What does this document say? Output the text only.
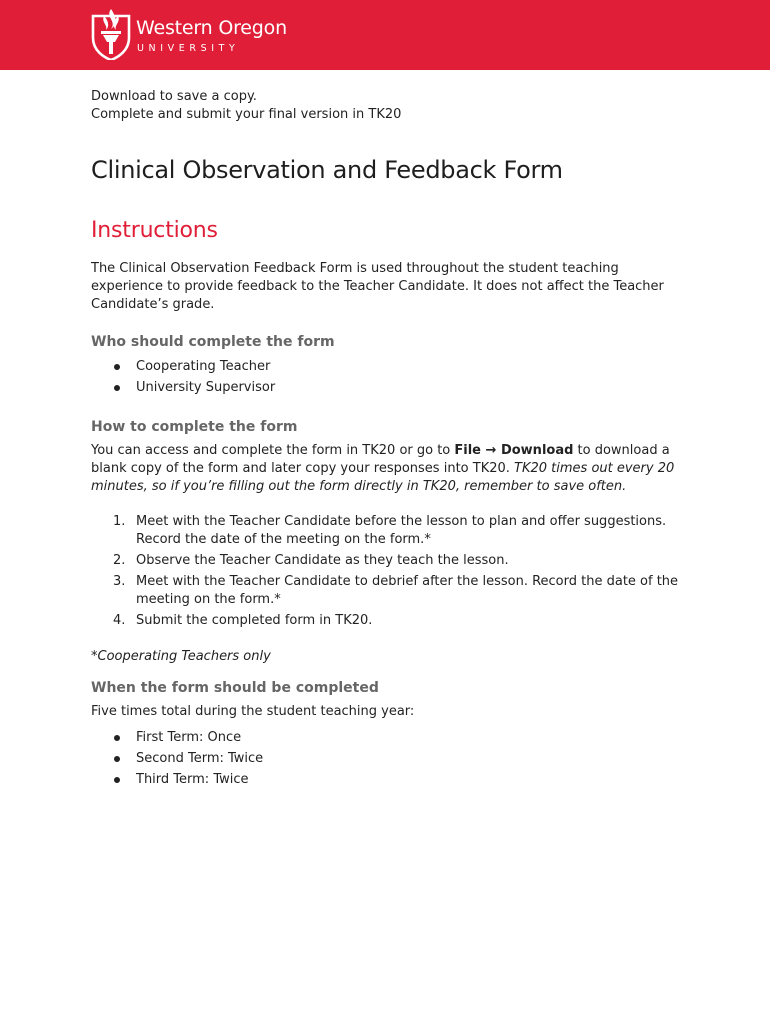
Western Oregon
UNIVERSITY
Download to save a copy.
Complete and submit your final version in TK20
Clinical Observation and Feedback Form
Instructions

The Clinical Observation Feedback Form is used throughout the student teaching experience to provide feedback to the Teacher Candidate. It does not affect the Teacher Candidate’s grade.

Who should complete the form
Cooperating Teacher
University Supervisor
How to complete the form

You can access and complete the form in TK20 or go to File → Download to download a blank copy of the form and later copy your responses into TK20. TK20 times out every 20 minutes, so if you’re filling out the form directly in TK20, remember to save often.

1. Meet with the Teacher Candidate before the lesson to plan and offer suggestions. Record the date of the meeting on the form.*
2. Observe the Teacher Candidate as they teach the lesson.
3. Meet with the Teacher Candidate to debrief after the lesson. Record the date of the meeting on the form.*
4. Submit the completed form in TK20.
*Cooperating Teachers only
When the form should be completed
Five times total during the student teaching year:
First Term: Once
Second Term: Twice
Third Term: Twice
